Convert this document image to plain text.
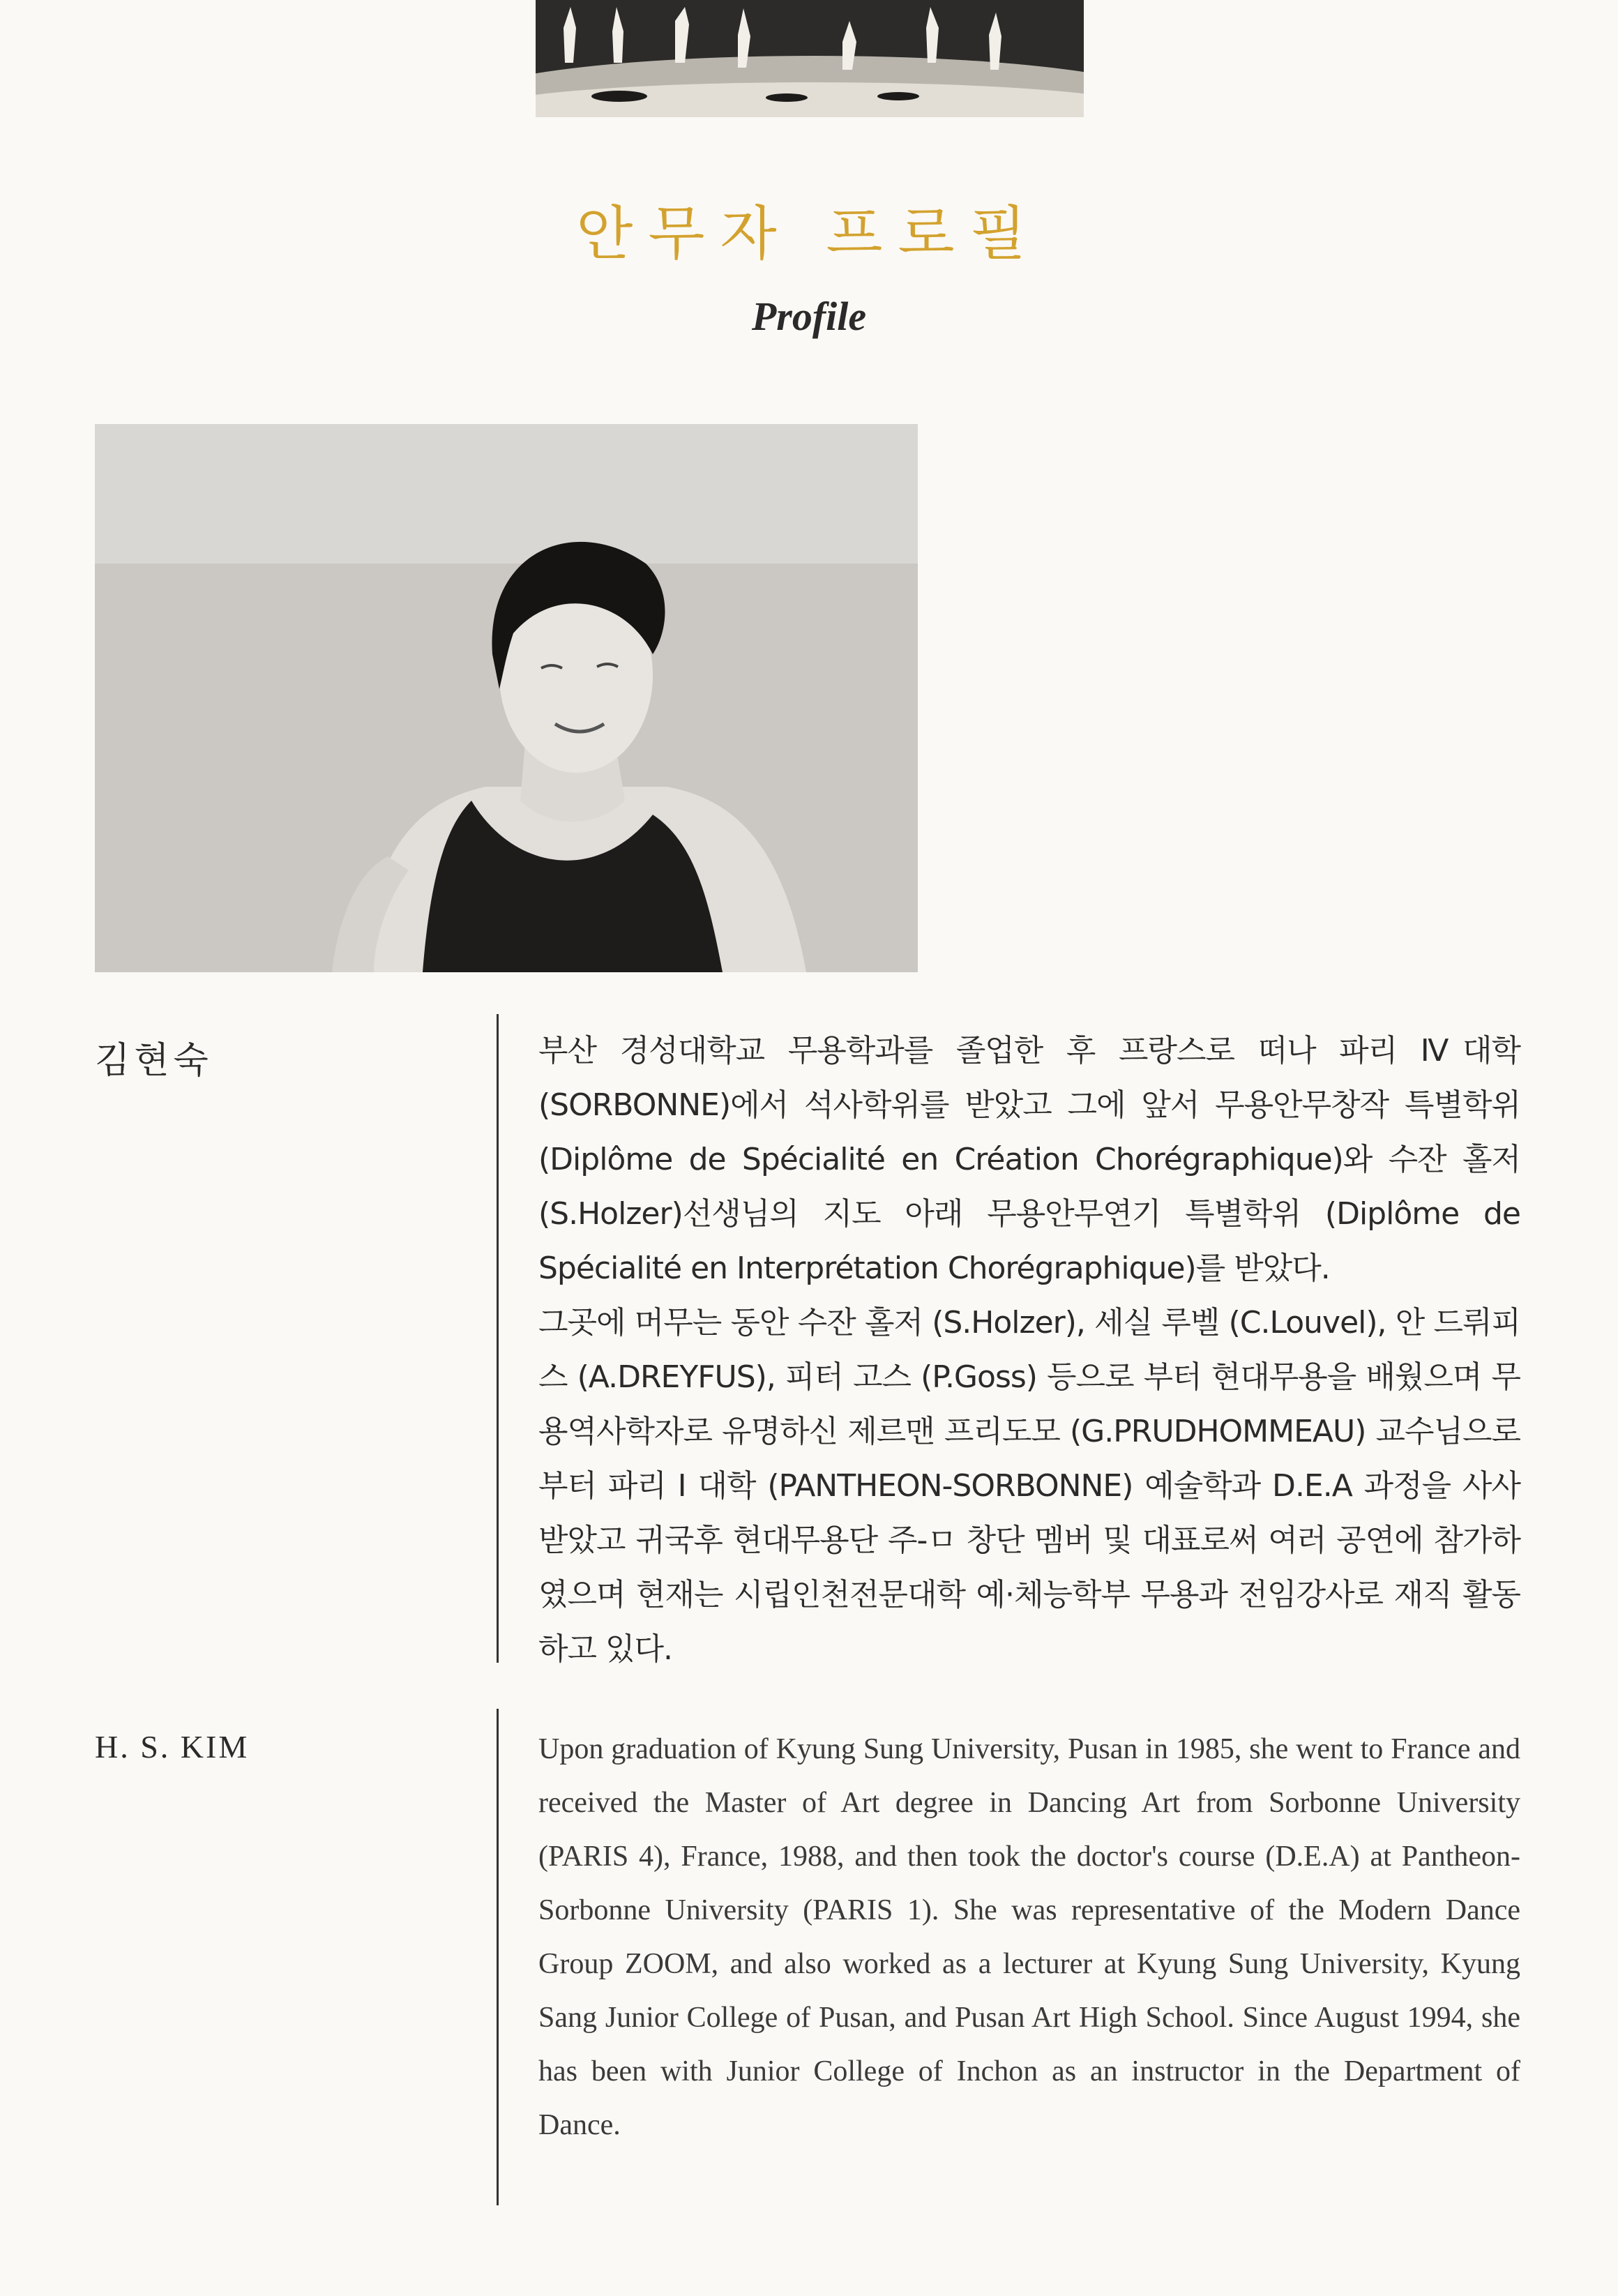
안무자 프로필
Profile
김현숙	부산 경성대학교 무용학과를 졸업한 후 프랑스로 떠나 파리 Ⅳ대학 (SORBONNE)에서 석사학위를 받았고 그에 앞서 무용안무창작 특별학위 (Diplôme de Spécialité en Création Chorégraphique)와 수잔 홀저 (S.Holzer)선생님의 지도 아래 무용안무연기 특별학위 (Diplôme de Spécialité en Interprétation Chorégraphique)를 받았다.

그곳에 머무는 동안 수잔 홀저 (S.Holzer), 세실 루벨 (C.Louvel), 안 드뤼피스 (A.DREYFUS), 피터 고스 (P.Goss) 등으로 부터 현대무용을 배웠으며 무용역사학자로 유명하신 제르맨 프리도모 (G.PRUDHOMMEAU) 교수님으로 부터 파리 I 대학 (PANTHEON-SORBONNE) 예술학과 D.E.A 과정을 사사 받았고 귀국후 현대무용단 주-ㅁ 창단 멤버 및 대표로써 여러 공연에 참가하였으며 현재는 시립인천전문대학 예·체능학부 무용과 전임강사로 재직 활동하고 있다.

H. S. KIM	Upon graduation of Kyung Sung University, Pusan in 1985, she went to France and received the Master of Art degree in Dancing Art from Sorbonne University (PARIS 4), France, 1988, and then took the doctor's course (D.E.A) at Pantheon-Sorbonne University (PARIS 1). She was representative of the Modern Dance Group ZOOM, and also worked as a lecturer at Kyung Sung University, Kyung Sang Junior College of Pusan, and Pusan Art High School. Since August 1994, she has been with Junior College of Inchon as an instructor in the Department of Dance.
